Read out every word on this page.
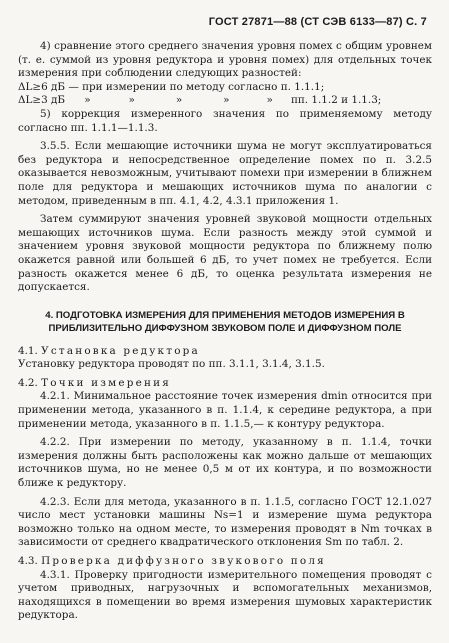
ГОСТ 27871—88 (СТ СЭВ 6133—87) С. 7

4) сравнение этого среднего значения уровня помех с общим уровнем (т. е. суммой из уровня редуктора и уровня помех) для отдельных точек измерения при соблюдении следующих разностей:

ΔL≥6 дБ — при измерении по методу согласно п. 1.1.1;
ΔL≥3 дБ »	»	»	»	» пп. 1.1.2 и 1.1.3;

5) коррекция измеренного значения по применяемому методу согласно пп. 1.1.1—1.1.3.

3.5.5. Если мешающие источники шума не могут эксплуатироваться без редуктора и непосредственное определение помех по п. 3.2.5 оказывается невозможным, учитывают помехи при измерении в ближнем поле для редуктора и мешающих источников шума по аналогии с методом, приведенным в пп. 4.1, 4.2, 4.3.1 приложения 1.

Затем суммируют значения уровней звуковой мощности отдельных мешающих источников шума. Если разность между этой суммой и значением уровня звуковой мощности редуктора по ближнему полю окажется равной или большей 6 дБ, то учет помех не требуется. Если разность окажется менее 6 дБ, то оценка результата измерения не допускается.

4. ПОДГОТОВКА ИЗМЕРЕНИЯ ДЛЯ ПРИМЕНЕНИЯ МЕТОДОВ ИЗМЕРЕНИЯ В ПРИБЛИЗИТЕЛЬНО ДИФФУЗНОМ ЗВУКОВОМ ПОЛЕ И ДИФФУЗНОМ ПОЛЕ
4.1. Установка редуктора

Установку редуктора проводят по пп. 3.1.1, 3.1.4, 3.1.5.

4.2. Точки измерения

4.2.1. Минимальное расстояние точек измерения dmin относится при применении метода, указанного в п. 1.1.4, к середине редуктора, а при применении метода, указанного в п. 1.1.5,— к контуру редуктора.

4.2.2. При измерении по методу, указанному в п. 1.1.4, точки измерения должны быть расположены как можно дальше от мешающих источников шума, но не менее 0,5 м от их контура, и по возможности ближе к редуктору.

4.2.3. Если для метода, указанного в п. 1.1.5, согласно ГОСТ 12.1.027 число мест установки машины Ns=1 и измерение шума редуктора возможно только на одном месте, то измерения проводят в Nm точках в зависимости от среднего квадратического отклонения Sm по табл. 2.

4.3. Проверка диффузного звукового поля

4.3.1. Проверку пригодности измерительного помещения проводят с учетом приводных, нагрузочных и вспомогательных механизмов, находящихся в помещении во время измерения шумовых характеристик редуктора.
